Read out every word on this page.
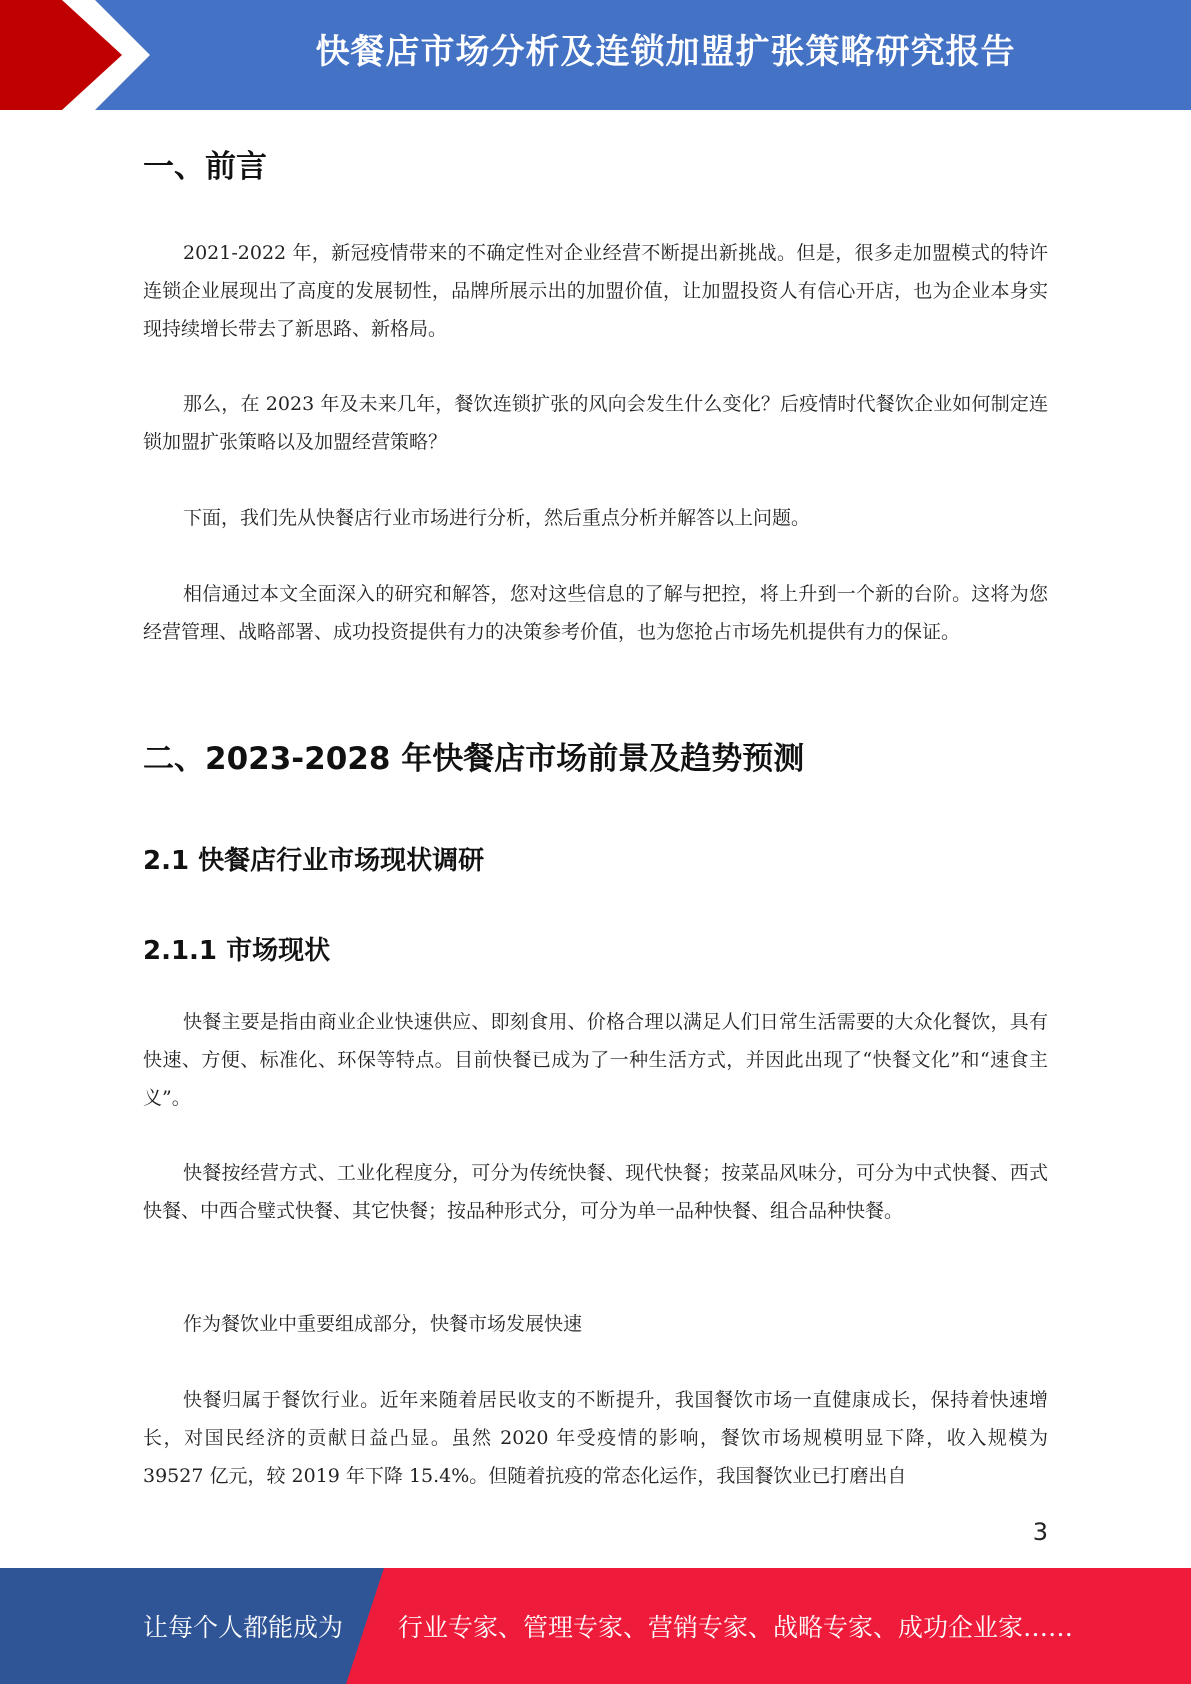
快餐店市场分析及连锁加盟扩张策略研究报告
一、前言
2021-2022 年，新冠疫情带来的不确定性对企业经营不断提出新挑战。但是，很多走加盟模式的特许连锁企业展现出了高度的发展韧性，品牌所展示出的加盟价值，让加盟投资人有信心开店，也为企业本身实现持续增长带去了新思路、新格局。
那么，在 2023 年及未来几年，餐饮连锁扩张的风向会发生什么变化？后疫情时代餐饮企业如何制定连锁加盟扩张策略以及加盟经营策略？
下面，我们先从快餐店行业市场进行分析，然后重点分析并解答以上问题。
相信通过本文全面深入的研究和解答，您对这些信息的了解与把控，将上升到一个新的台阶。这将为您经营管理、战略部署、成功投资提供有力的决策参考价值，也为您抢占市场先机提供有力的保证。
二、2023-2028 年快餐店市场前景及趋势预测
2.1 快餐店行业市场现状调研
2.1.1 市场现状
快餐主要是指由商业企业快速供应、即刻食用、价格合理以满足人们日常生活需要的大众化餐饮，具有快速、方便、标准化、环保等特点。目前快餐已成为了一种生活方式，并因此出现了“快餐文化”和“速食主义”。
快餐按经营方式、工业化程度分，可分为传统快餐、现代快餐；按菜品风味分，可分为中式快餐、西式快餐、中西合璧式快餐、其它快餐；按品种形式分，可分为单一品种快餐、组合品种快餐。
作为餐饮业中重要组成部分，快餐市场发展快速
快餐归属于餐饮行业。近年来随着居民收支的不断提升，我国餐饮市场一直健康成长，保持着快速增长，对国民经济的贡献日益凸显。虽然 2020 年受疫情的影响，餐饮市场规模明显下降，收入规模为 39527 亿元，较 2019 年下降 15.4%。但随着抗疫的常态化运作，我国餐饮业已打磨出自
3
让每个人都能成为 行业专家、管理专家、营销专家、战略专家、成功企业家……
